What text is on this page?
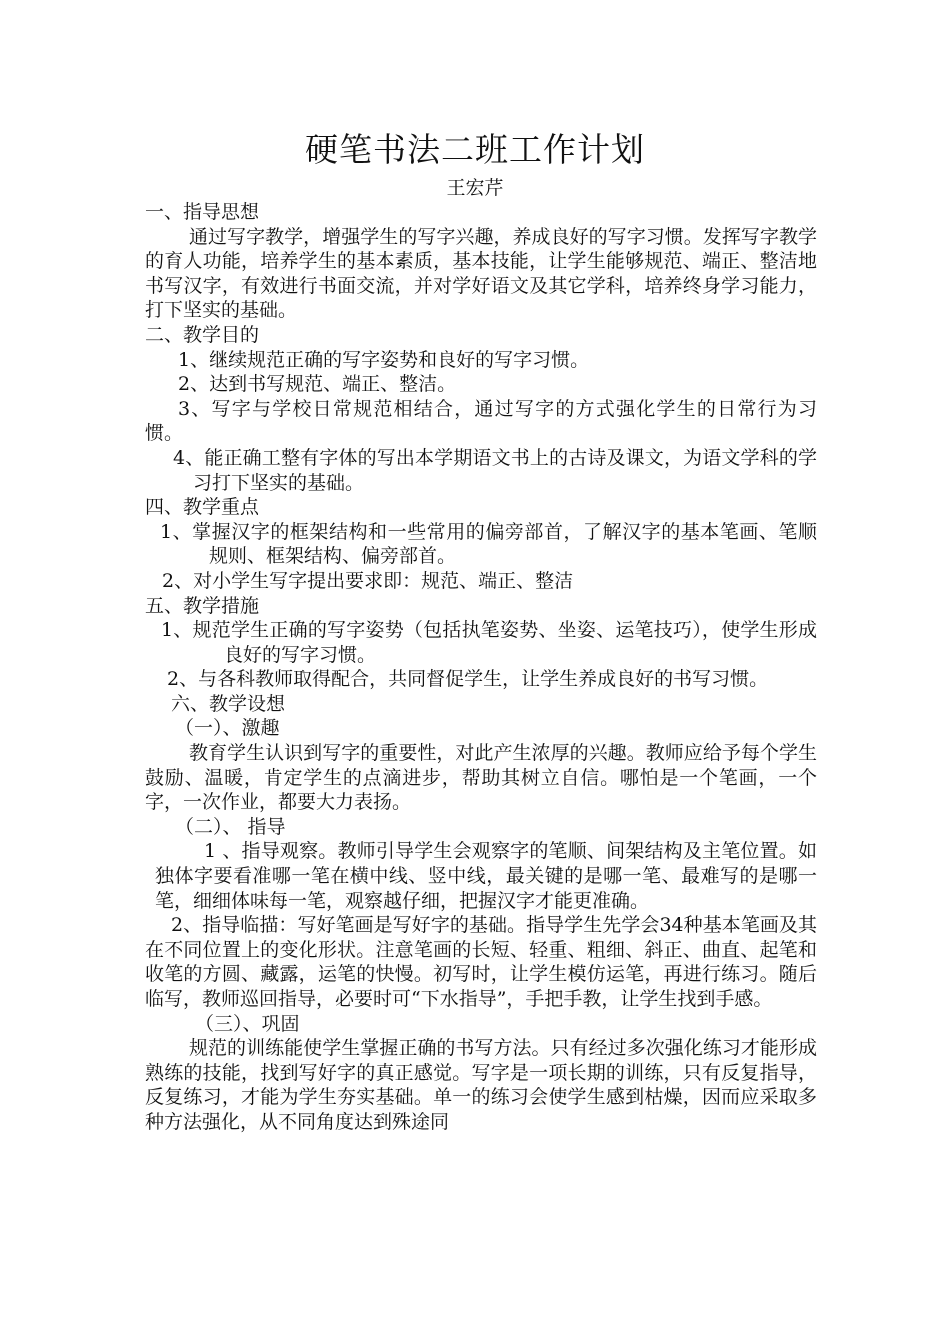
硬笔书法二班工作计划
王宏芹

一、指导思想

通过写字教学，增强学生的写字兴趣，养成良好的写字习惯。发挥写字教学的育人功能，培养学生的基本素质，基本技能，让学生能够规范、端正、整洁地书写汉字，有效进行书面交流，并对学好语文及其它学科，培养终身学习能力，打下坚实的基础。

二、教学目的

1、继续规范正确的写字姿势和良好的写字习惯。

2、达到书写规范、端正、整洁。

3、写字与学校日常规范相结合，通过写字的方式强化学生的日常行为习惯。

4、能正确工整有字体的写出本学期语文书上的古诗及课文，为语文学科的学习打下坚实的基础。

四、教学重点

1、掌握汉字的框架结构和一些常用的偏旁部首，了解汉字的基本笔画、笔顺规则、框架结构、偏旁部首。

2、对小学生写字提出要求即：规范、端正、整洁

五、教学措施

1、规范学生正确的写字姿势（包括执笔姿势、坐姿、运笔技巧），使学生形成良好的写字习惯。

2、与各科教师取得配合，共同督促学生，让学生养成良好的书写习惯。

六、教学设想

（一）、激趣

教育学生认识到写字的重要性，对此产生浓厚的兴趣。教师应给予每个学生鼓励、温暖，肯定学生的点滴进步，帮助其树立自信。哪怕是一个笔画，一个字，一次作业，都要大力表扬。

（二）、 指导

1 、指导观察。教师引导学生会观察字的笔顺、间架结构及主笔位置。如独体字要看准哪一笔在横中线、竖中线，最关键的是哪一笔、最难写的是哪一笔，细细体味每一笔，观察越仔细，把握汉字才能更准确。

2、指导临描：写好笔画是写好字的基础。指导学生先学会34种基本笔画及其在不同位置上的变化形状。注意笔画的长短、轻重、粗细、斜正、曲直、起笔和收笔的方圆、藏露，运笔的快慢。初写时，让学生模仿运笔，再进行练习。随后临写，教师巡回指导，必要时可“下水指导”，手把手教，让学生找到手感。

（三）、巩固

规范的训练能使学生掌握正确的书写方法。只有经过多次强化练习才能形成熟练的技能，找到写好字的真正感觉。写字是一项长期的训练，只有反复指导，反复练习，才能为学生夯实基础。单一的练习会使学生感到枯燥，因而应采取多种方法强化，从不同角度达到殊途同
